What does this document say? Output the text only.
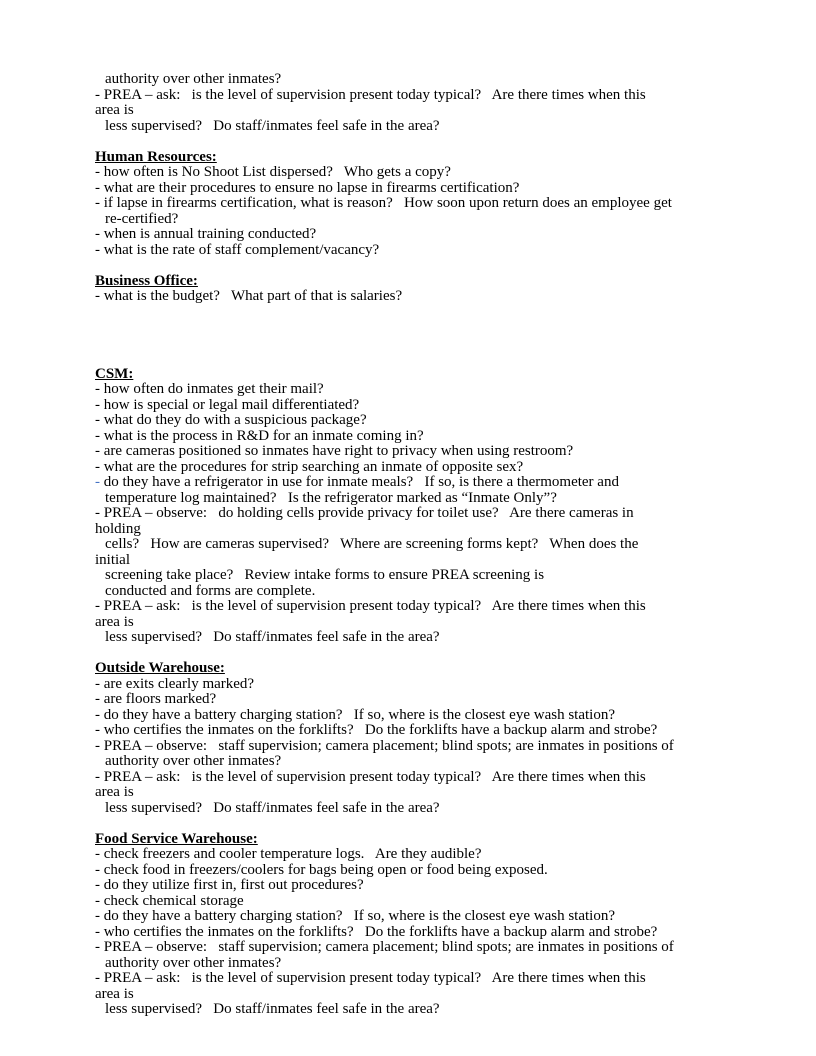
authority over other inmates?
- PREA – ask:   is the level of supervision present today typical?   Are there times when this
area is
less supervised?   Do staff/inmates feel safe in the area?
Human Resources:
- how often is No Shoot List dispersed?   Who gets a copy?
- what are their procedures to ensure no lapse in firearms certification?
- if lapse in firearms certification, what is reason?   How soon upon return does an employee get
re-certified?
- when is annual training conducted?
- what is the rate of staff complement/vacancy?
Business Office:
- what is the budget?   What part of that is salaries?
CSM:
- how often do inmates get their mail?
- how is special or legal mail differentiated?
- what do they do with a suspicious package?
- what is the process in R&D for an inmate coming in?
- are cameras positioned so inmates have right to privacy when using restroom?
- what are the procedures for strip searching an inmate of opposite sex?
- do they have a refrigerator in use for inmate meals?   If so, is there a thermometer and
temperature log maintained?   Is the refrigerator marked as “Inmate Only”?
- PREA – observe:   do holding cells provide privacy for toilet use?   Are there cameras in
holding
cells?   How are cameras supervised?   Where are screening forms kept?   When does the
initial
screening take place?   Review intake forms to ensure PREA screening is
conducted and forms are complete.
- PREA – ask:   is the level of supervision present today typical?   Are there times when this
area is
less supervised?   Do staff/inmates feel safe in the area?
Outside Warehouse:
- are exits clearly marked?
- are floors marked?
- do they have a battery charging station?   If so, where is the closest eye wash station?
- who certifies the inmates on the forklifts?   Do the forklifts have a backup alarm and strobe?
- PREA – observe:   staff supervision; camera placement; blind spots; are inmates in positions of
authority over other inmates?
- PREA – ask:   is the level of supervision present today typical?   Are there times when this
area is
less supervised?   Do staff/inmates feel safe in the area?
Food Service Warehouse:
- check freezers and cooler temperature logs.   Are they audible?
- check food in freezers/coolers for bags being open or food being exposed.
- do they utilize first in, first out procedures?
- check chemical storage
- do they have a battery charging station?   If so, where is the closest eye wash station?
- who certifies the inmates on the forklifts?   Do the forklifts have a backup alarm and strobe?
- PREA – observe:   staff supervision; camera placement; blind spots; are inmates in positions of
authority over other inmates?
- PREA – ask:   is the level of supervision present today typical?   Are there times when this
area is
less supervised?   Do staff/inmates feel safe in the area?
